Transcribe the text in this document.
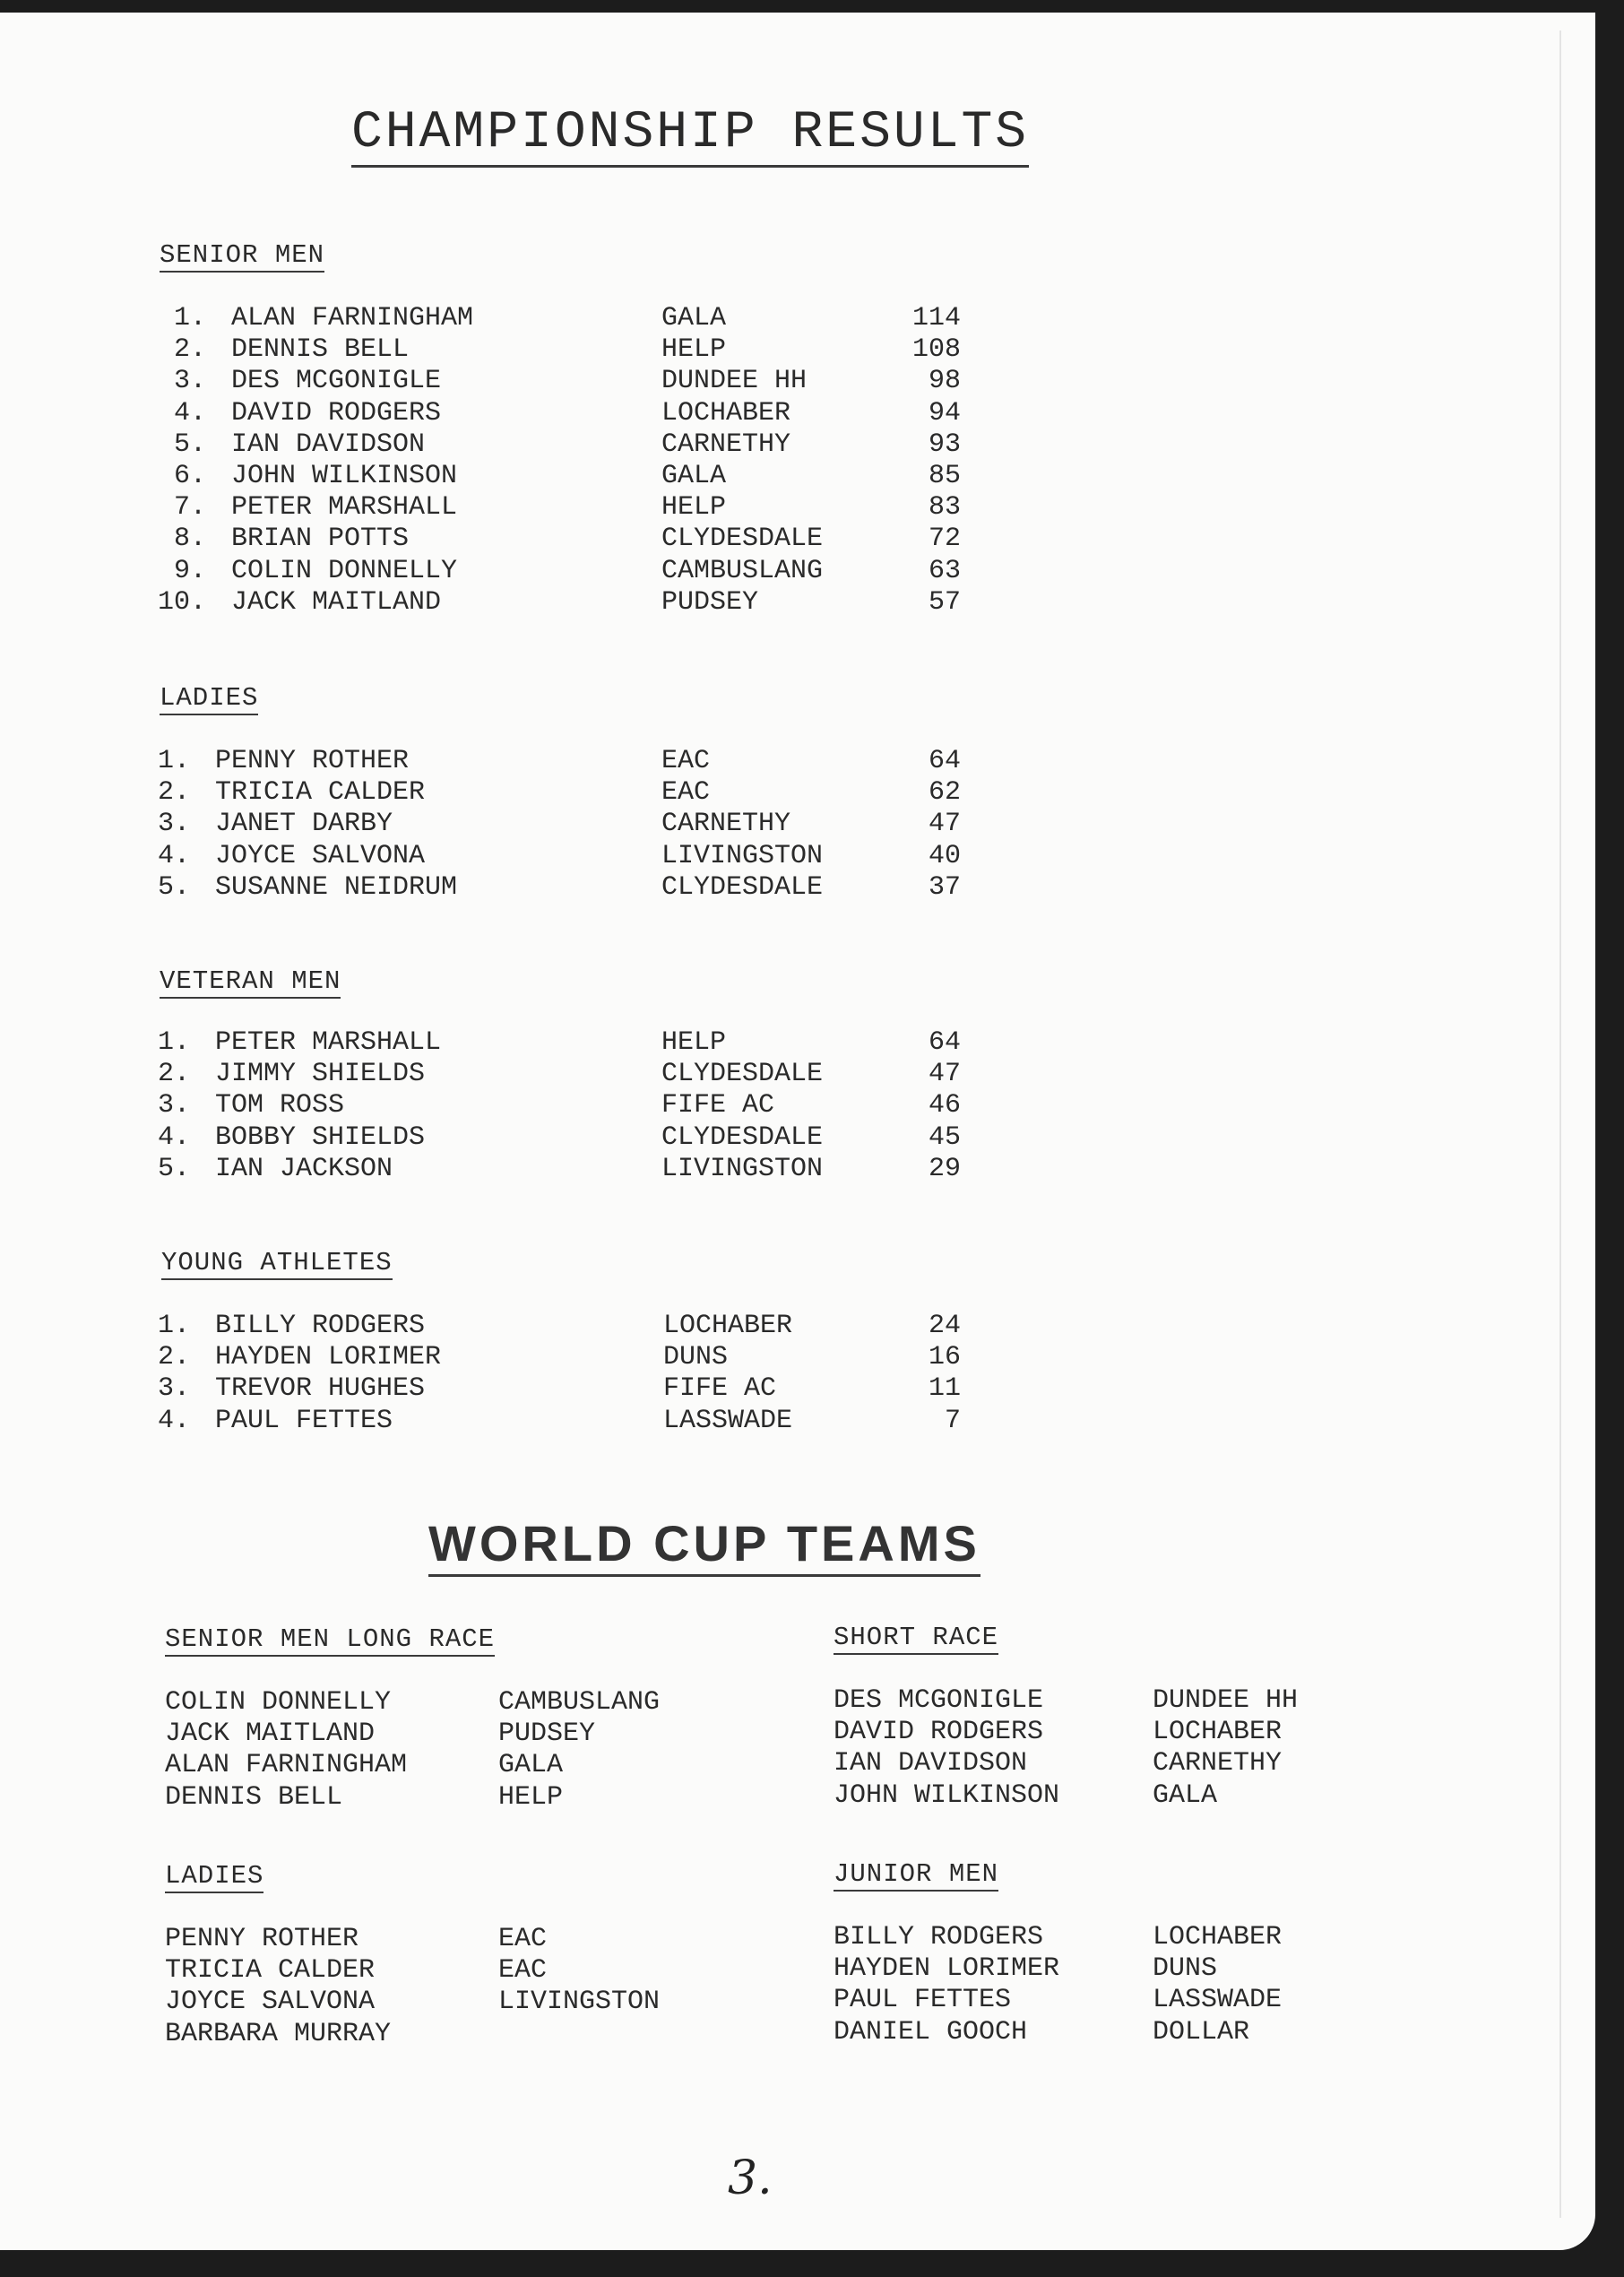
CHAMPIONSHIP RESULTS
SENIOR MEN
1. ALAN FARNINGHAM	GALA	114
2. DENNIS BELL	HELP	108
3. DES MCGONIGLE	DUNDEE HH	98
4. DAVID RODGERS	LOCHABER	94
5. IAN DAVIDSON	CARNETHY	93
6. JOHN WILKINSON	GALA	85
7. PETER MARSHALL	HELP	83
8. BRIAN POTTS	CLYDESDALE	72
9. COLIN DONNELLY	CAMBUSLANG	63
10. JACK MAITLAND	PUDSEY	57
LADIES
1. PENNY ROTHER	EAC	64
2. TRICIA CALDER	EAC	62
3. JANET DARBY	CARNETHY	47
4. JOYCE SALVONA	LIVINGSTON	40
5. SUSANNE NEIDRUM	CLYDESDALE	37
VETERAN MEN
1. PETER MARSHALL	HELP	64
2. JIMMY SHIELDS	CLYDESDALE	47
3. TOM ROSS	FIFE AC	46
4. BOBBY SHIELDS	CLYDESDALE	45
5. IAN JACKSON	LIVINGSTON	29
YOUNG ATHLETES
1. BILLY RODGERS	LOCHABER	24
2. HAYDEN LORIMER	DUNS	16
3. TREVOR HUGHES	FIFE AC	11
4. PAUL FETTES	LASSWADE	7
WORLD CUP TEAMS
SENIOR MEN LONG RACE
COLIN DONNELLY	CAMBUSLANG
JACK MAITLAND	PUDSEY
ALAN FARNINGHAM	GALA
DENNIS BELL	HELP
SHORT RACE
DES MCGONIGLE	DUNDEE HH
DAVID RODGERS	LOCHABER
IAN DAVIDSON	CARNETHY
JOHN WILKINSON	GALA
LADIES
PENNY ROTHER	EAC
TRICIA CALDER	EAC
JOYCE SALVONA	LIVINGSTON
BARBARA MURRAY
JUNIOR MEN
BILLY RODGERS	LOCHABER
HAYDEN LORIMER	DUNS
PAUL FETTES	LASSWADE
DANIEL GOOCH	DOLLAR
3.
